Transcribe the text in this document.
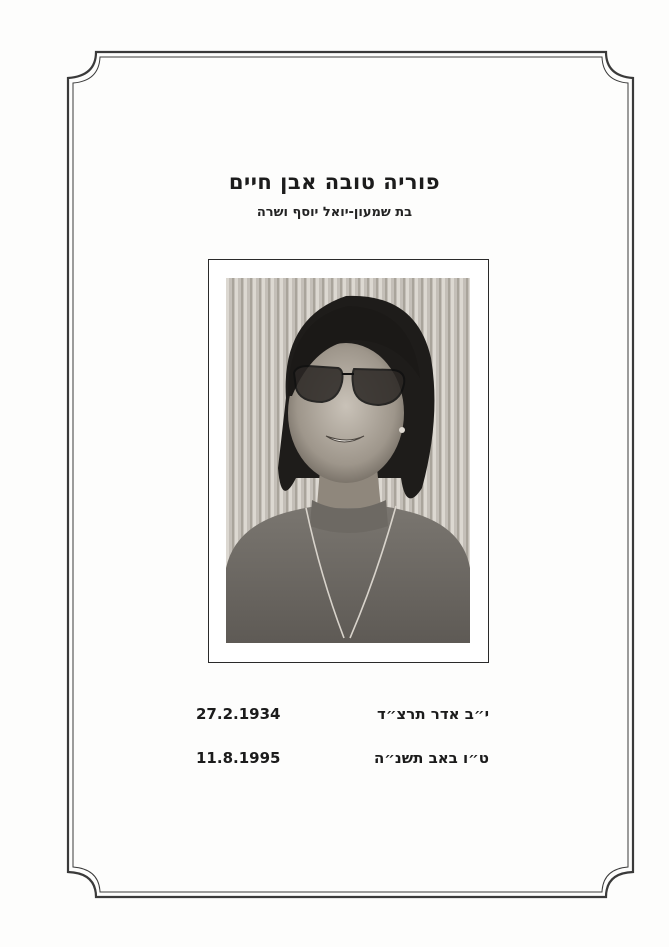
פוריה טובה אבן חיים
בת שמעון-יואל יוסף ושרה
27.2.1934	י״ב אדר תרצ״ד
11.8.1995	ט״ו באב תשנ״ה
